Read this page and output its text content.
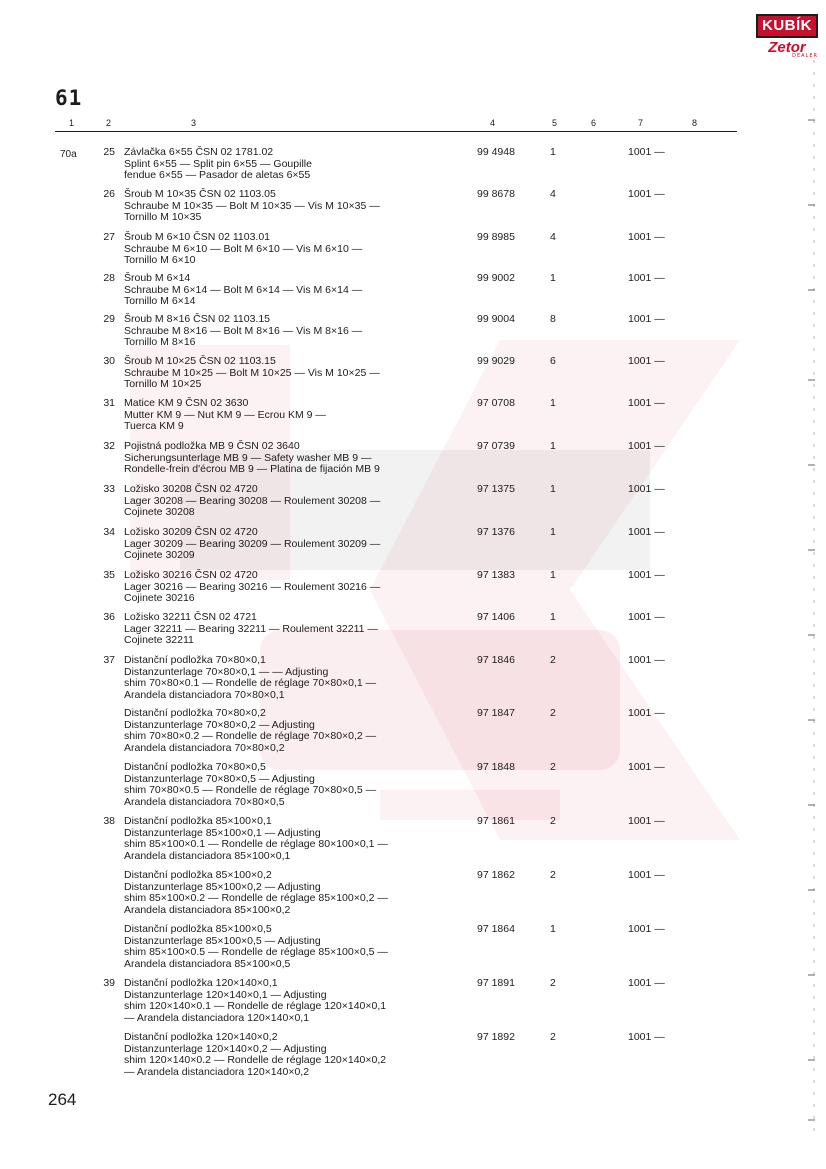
KUBÍK
Zetor
DEALER
61
1	2	3	4	5	6	7	8
70a	25 Závlačka 6×55 ČSN 02 1781.02
Splint 6×55 — Split pin 6×55 — Goupille
fendue 6×55 — Pasador de aletas 6×55
99 4948	1	1001 —
26 Šroub M 10×35 ČSN 02 1103.05
Schraube M 10×35 — Bolt M 10×35 — Vis M 10×35 —
Tornillo M 10×35
99 8678	4	1001 —
27 Šroub M 6×10 ČSN 02 1103.01
Schraube M 6×10 — Bolt M 6×10 — Vis M 6×10 —
Tornillo M 6×10
99 8985	4	1001 —
28 Šroub M 6×14
Schraube M 6×14 — Bolt M 6×14 — Vis M 6×14 —
Tornillo M 6×14
99 9002	1	1001 —
29 Šroub M 8×16 ČSN 02 1103.15
Schraube M 8×16 — Bolt M 8×16 — Vis M 8×16 —
Tornillo M 8×16
99 9004	8	1001 —
30 Šroub M 10×25 ČSN 02 1103.15
Schraube M 10×25 — Bolt M 10×25 — Vis M 10×25 —
Tornillo M 10×25
99 9029	6	1001 —
31 Matice KM 9 ČSN 02 3630
Mutter KM 9 — Nut KM 9 — Ecrou KM 9 —
Tuerca KM 9
97 0708	1	1001 —
32 Pojistná podložka MB 9 ČSN 02 3640
Sicherungsunterlage MB 9 — Safety washer MB 9 —
Rondelle-frein d'écrou MB 9 — Platina de fijación MB 9
97 0739	1	1001 —
33 Ložisko 30208 ČSN 02 4720
Lager 30208 — Bearing 30208 — Roulement 30208 —
Cojinete 30208
97 1375	1	1001 —
34 Ložisko 30209 ČSN 02 4720
Lager 30209 — Bearing 30209 — Roulement 30209 —
Cojinete 30209
97 1376	1	1001 —
35 Ložisko 30216 ČSN 02 4720
Lager 30216 — Bearing 30216 — Roulement 30216 —
Cojinete 30216
97 1383	1	1001 —
36 Ložisko 32211 ČSN 02 4721
Lager 32211 — Bearing 32211 — Roulement 32211 —
Cojinete 32211
97 1406	1	1001 —
37 Distanční podložka 70×80×0,1
Distanzunterlage 70×80×0,1 — — Adjusting
shim 70×80×0.1 — Rondelle de réglage 70×80×0,1 —
Arandela distanciadora 70×80×0,1
97 1846	2	1001 —
Distanční podložka 70×80×0,2
Distanzunterlage 70×80×0,2 — Adjusting
shim 70×80×0.2 — Rondelle de réglage 70×80×0,2 —
Arandela distanciadora 70×80×0,2
97 1847	2	1001 —
Distanční podložka 70×80×0,5
Distanzunterlage 70×80×0,5 — Adjusting
shim 70×80×0.5 — Rondelle de réglage 70×80×0,5 —
Arandela distanciadora 70×80×0,5
97 1848	2	1001 —
38 Distanční podložka 85×100×0,1
Distanzunterlage 85×100×0,1 — Adjusting
shim 85×100×0.1 — Rondelle de réglage 80×100×0,1 —
Arandela distanciadora 85×100×0,1
97 1861	2	1001 —
Distanční podložka 85×100×0,2
Distanzunterlage 85×100×0,2 — Adjusting
shim 85×100×0.2 — Rondelle de réglage 85×100×0,2 —
Arandela distanciadora 85×100×0,2
97 1862	2	1001 —
Distanční podložka 85×100×0,5
Distanzunterlage 85×100×0,5 — Adjusting
shim 85×100×0.5 — Rondelle de réglage 85×100×0,5 —
Arandela distanciadora 85×100×0,5
97 1864	1	1001 —
39 Distanční podložka 120×140×0,1
Distanzunterlage 120×140×0,1 — Adjusting
shim 120×140×0.1 — Rondelle de réglage 120×140×0,1
— Arandela distanciadora 120×140×0,1
97 1891	2	1001 —
Distanční podložka 120×140×0,2
Distanzunterlage 120×140×0,2 — Adjusting
shim 120×140×0.2 — Rondelle de réglage 120×140×0,2
— Arandela distanciadora 120×140×0,2
97 1892	2	1001 —
264
